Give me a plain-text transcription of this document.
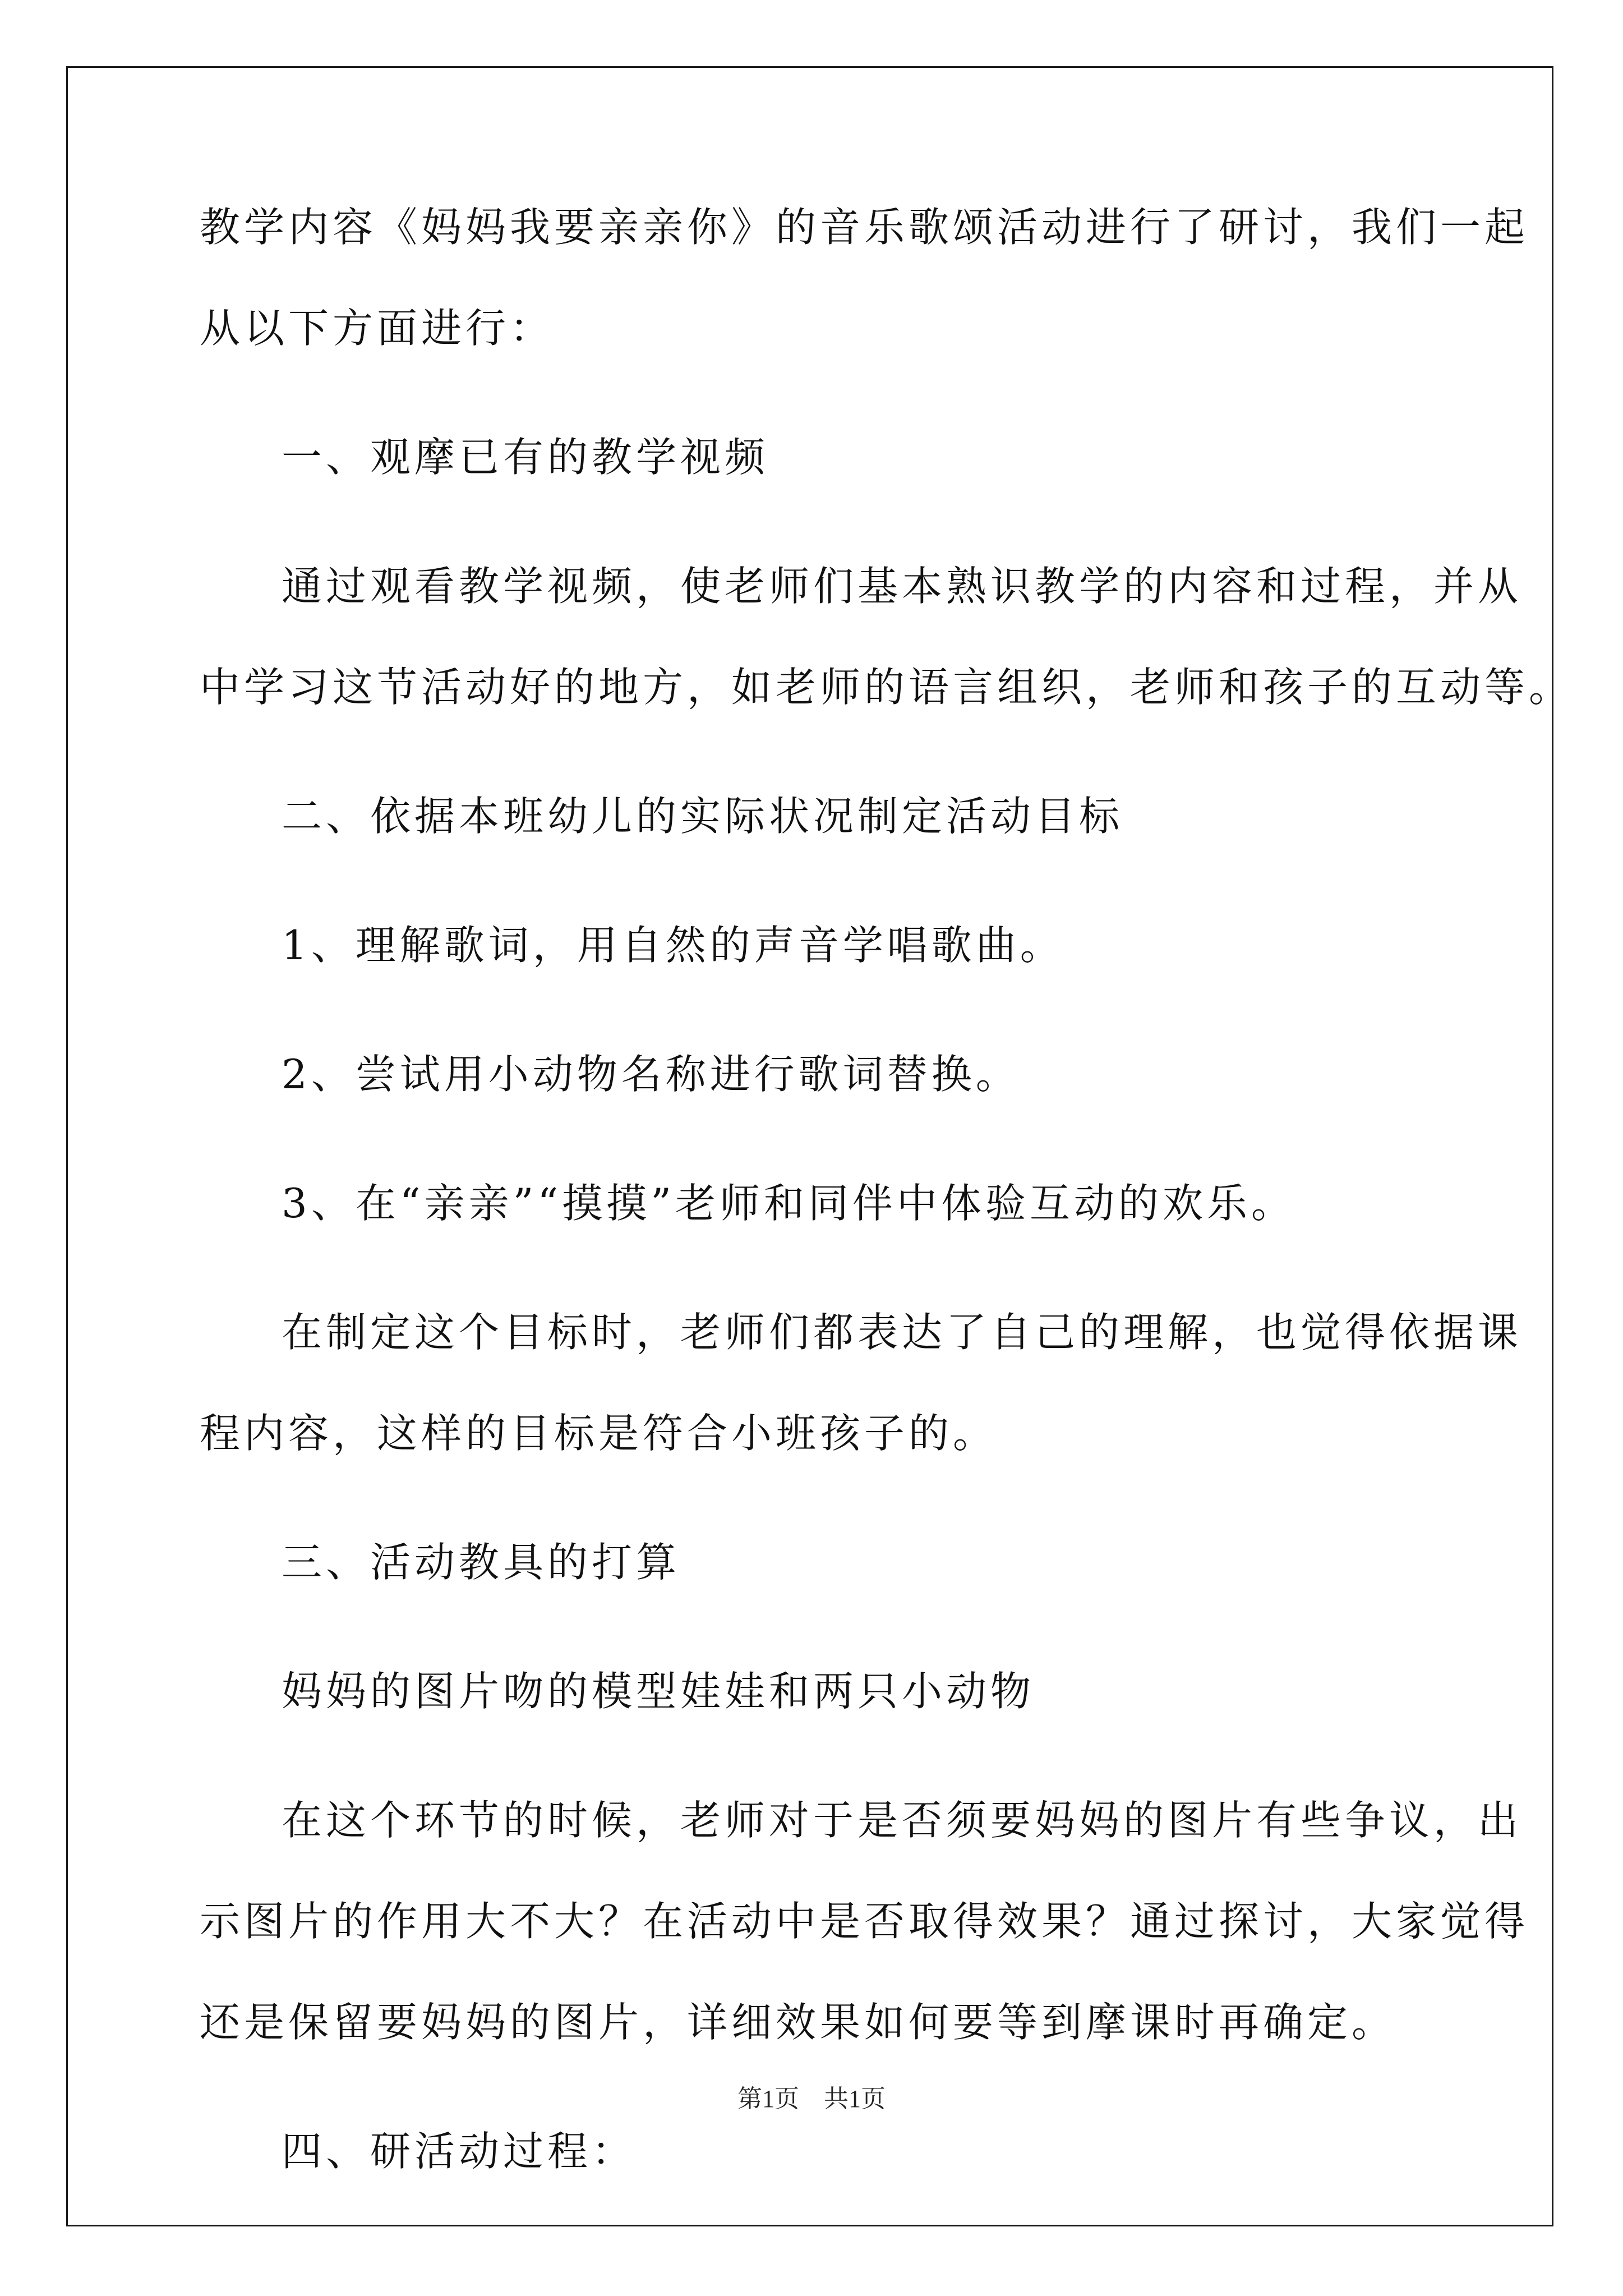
教学内容《妈妈我要亲亲你》的音乐歌颂活动进行了研讨，我们一起
从以下方面进行：
一、观摩已有的教学视频
通过观看教学视频，使老师们基本熟识教学的内容和过程，并从
中学习这节活动好的地方，如老师的语言组织，老师和孩子的互动等。
二、依据本班幼儿的实际状况制定活动目标
1、理解歌词，用自然的声音学唱歌曲。
2、尝试用小动物名称进行歌词替换。
3、在“亲亲”“摸摸”老师和同伴中体验互动的欢乐。
在制定这个目标时，老师们都表达了自己的理解，也觉得依据课
程内容，这样的目标是符合小班孩子的。
三、活动教具的打算
妈妈的图片吻的模型娃娃和两只小动物
在这个环节的时候，老师对于是否须要妈妈的图片有些争议，出
示图片的作用大不大？在活动中是否取得效果？通过探讨，大家觉得
还是保留要妈妈的图片，详细效果如何要等到摩课时再确定。
四、研活动过程：
第1页 共1页
